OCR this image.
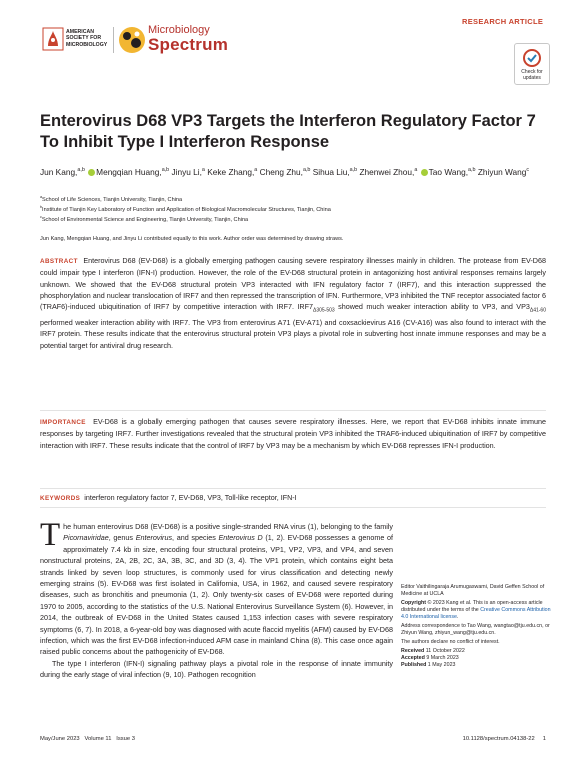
RESEARCH ARTICLE
AMERICAN
SOCIETY FOR
MICROBIOLOGY
Microbiology
Spectrum
Check for updates
Enterovirus D68 VP3 Targets the Interferon Regulatory Factor 7 To Inhibit Type I Interferon Response
Jun Kang,$^{a,b}$ Mengqian Huang,$^{a,b}$ Jinyu Li,$^a$ Keke Zhang,$^a$ Cheng Zhu,$^{a,b}$ Sihua Liu,$^{a,b}$ Zhenwei Zhou,$^a$ Tao Wang,$^{a,b}$ Zhiyun Wang$^c$
$^a$School of Life Sciences, Tianjin University, Tianjin, China
$^b$Institute of Tianjin Key Laboratory of Function and Application of Biological Macromolecular Structures, Tianjin, China
$^c$School of Environmental Science and Engineering, Tianjin University, Tianjin, China
Jun Kang, Mengqian Huang, and Jinyu Li contributed equally to this work. Author order was determined by drawing straws.
ABSTRACT Enterovirus D68 (EV-D68) is a globally emerging pathogen causing severe respiratory illnesses mainly in children. The protease from EV-D68 could impair type I interferon (IFN-I) production. However, the role of the EV-D68 structural protein in antagonizing host antiviral responses remains largely unknown. We showed that the EV-D68 structural protein VP3 interacted with IFN regulatory factor 7 (IRF7), and this interaction suppressed the phosphorylation and nuclear translocation of IRF7 and then repressed the transcription of IFN. Furthermore, VP3 inhibited the TNF receptor associated factor 6 (TRAF6)-induced ubiquitination of IRF7 by competitive interaction with IRF7. $IRF7_{\Delta 305-503}$ showed much weaker interaction ability to VP3, and $VP3_{\Delta 41-60}$ performed weaker interaction ability with IRF7. The VP3 from enterovirus A71 (EV-A71) and coxsackievirus A16 (CV-A16) was also found to interact with the IRF7 protein. These results indicate that the enterovirus structural protein VP3 plays a pivotal role in subverting host innate immune responses and may be a potential target for antiviral drug research.
IMPORTANCE EV-D68 is a globally emerging pathogen that causes severe respiratory illnesses. Here, we report that EV-D68 inhibits innate immune responses by targeting IRF7. Further investigations revealed that the structural protein VP3 inhibited the TRAF6-induced ubiquitination of IRF7 by competitive interaction with IRF7. These results indicate that the control of IRF7 by VP3 may be a mechanism by which EV-D68 represses IFN-I production.
KEYWORDS interferon regulatory factor 7, EV-D68, VP3, Toll-like receptor, IFN-I

The human enterovirus D68 (EV-D68) is a positive single-stranded RNA virus (1), belonging to the family Picornaviridae, genus Enterovirus, and species Enterovirus D (1, 2). EV-D68 possesses a genome of approximately 7.4 kb in size, encoding four structural proteins, VP1, VP2, VP3, and VP4, and seven nonstructural proteins, 2A, 2B, 2C, 3A, 3B, 3C, and 3D (3, 4). The VP1 protein, which contains eight beta strands linked by seven loop structures, is commonly used for virus classification and detecting newly emerging strains (5). EV-D68 was first isolated in California, USA, in 1962, and caused severe respiratory diseases, such as bronchitis and pneumonia (1, 2). Only twenty-six cases of EV-D68 were reported during 1970 to 2005, according to the statistics of the U.S. National Enterovirus Surveillance System (6). However, in 2014, the outbreak of EV-D68 in the United States caused 1,153 infection cases with severe respiratory symptoms (6, 7). In 2018, a 6-year-old boy was diagnosed with acute flaccid myelitis (AFM) caused by EV-D68 infection, which was the first EV-D68 infection-induced AFM case in mainland China (8). This case once again raised public concerns about the pathogenicity of EV-D68.

The type I interferon (IFN-I) signaling pathway plays a pivotal role in the response of innate immunity during the early stage of viral infection (9, 10). Pathogen recognition

Editor Vaithilingaraja Arumugaswami, David Geffen School of Medicine at UCLA

Copyright © 2023 Kang et al. This is an open-access article distributed under the terms of the Creative Commons Attribution 4.0 International license.

Address correspondence to Tao Wang, wangtao@tju.edu.cn, or Zhiyun Wang, zhiyun_wang@tju.edu.cn.

The authors declare no conflict of interest.

Received 11 October 2022

Accepted 9 March 2023

Published 1 May 2023

May/June 2023   Volume 11   Issue 3	10.1128/spectrum.04138-22 1
